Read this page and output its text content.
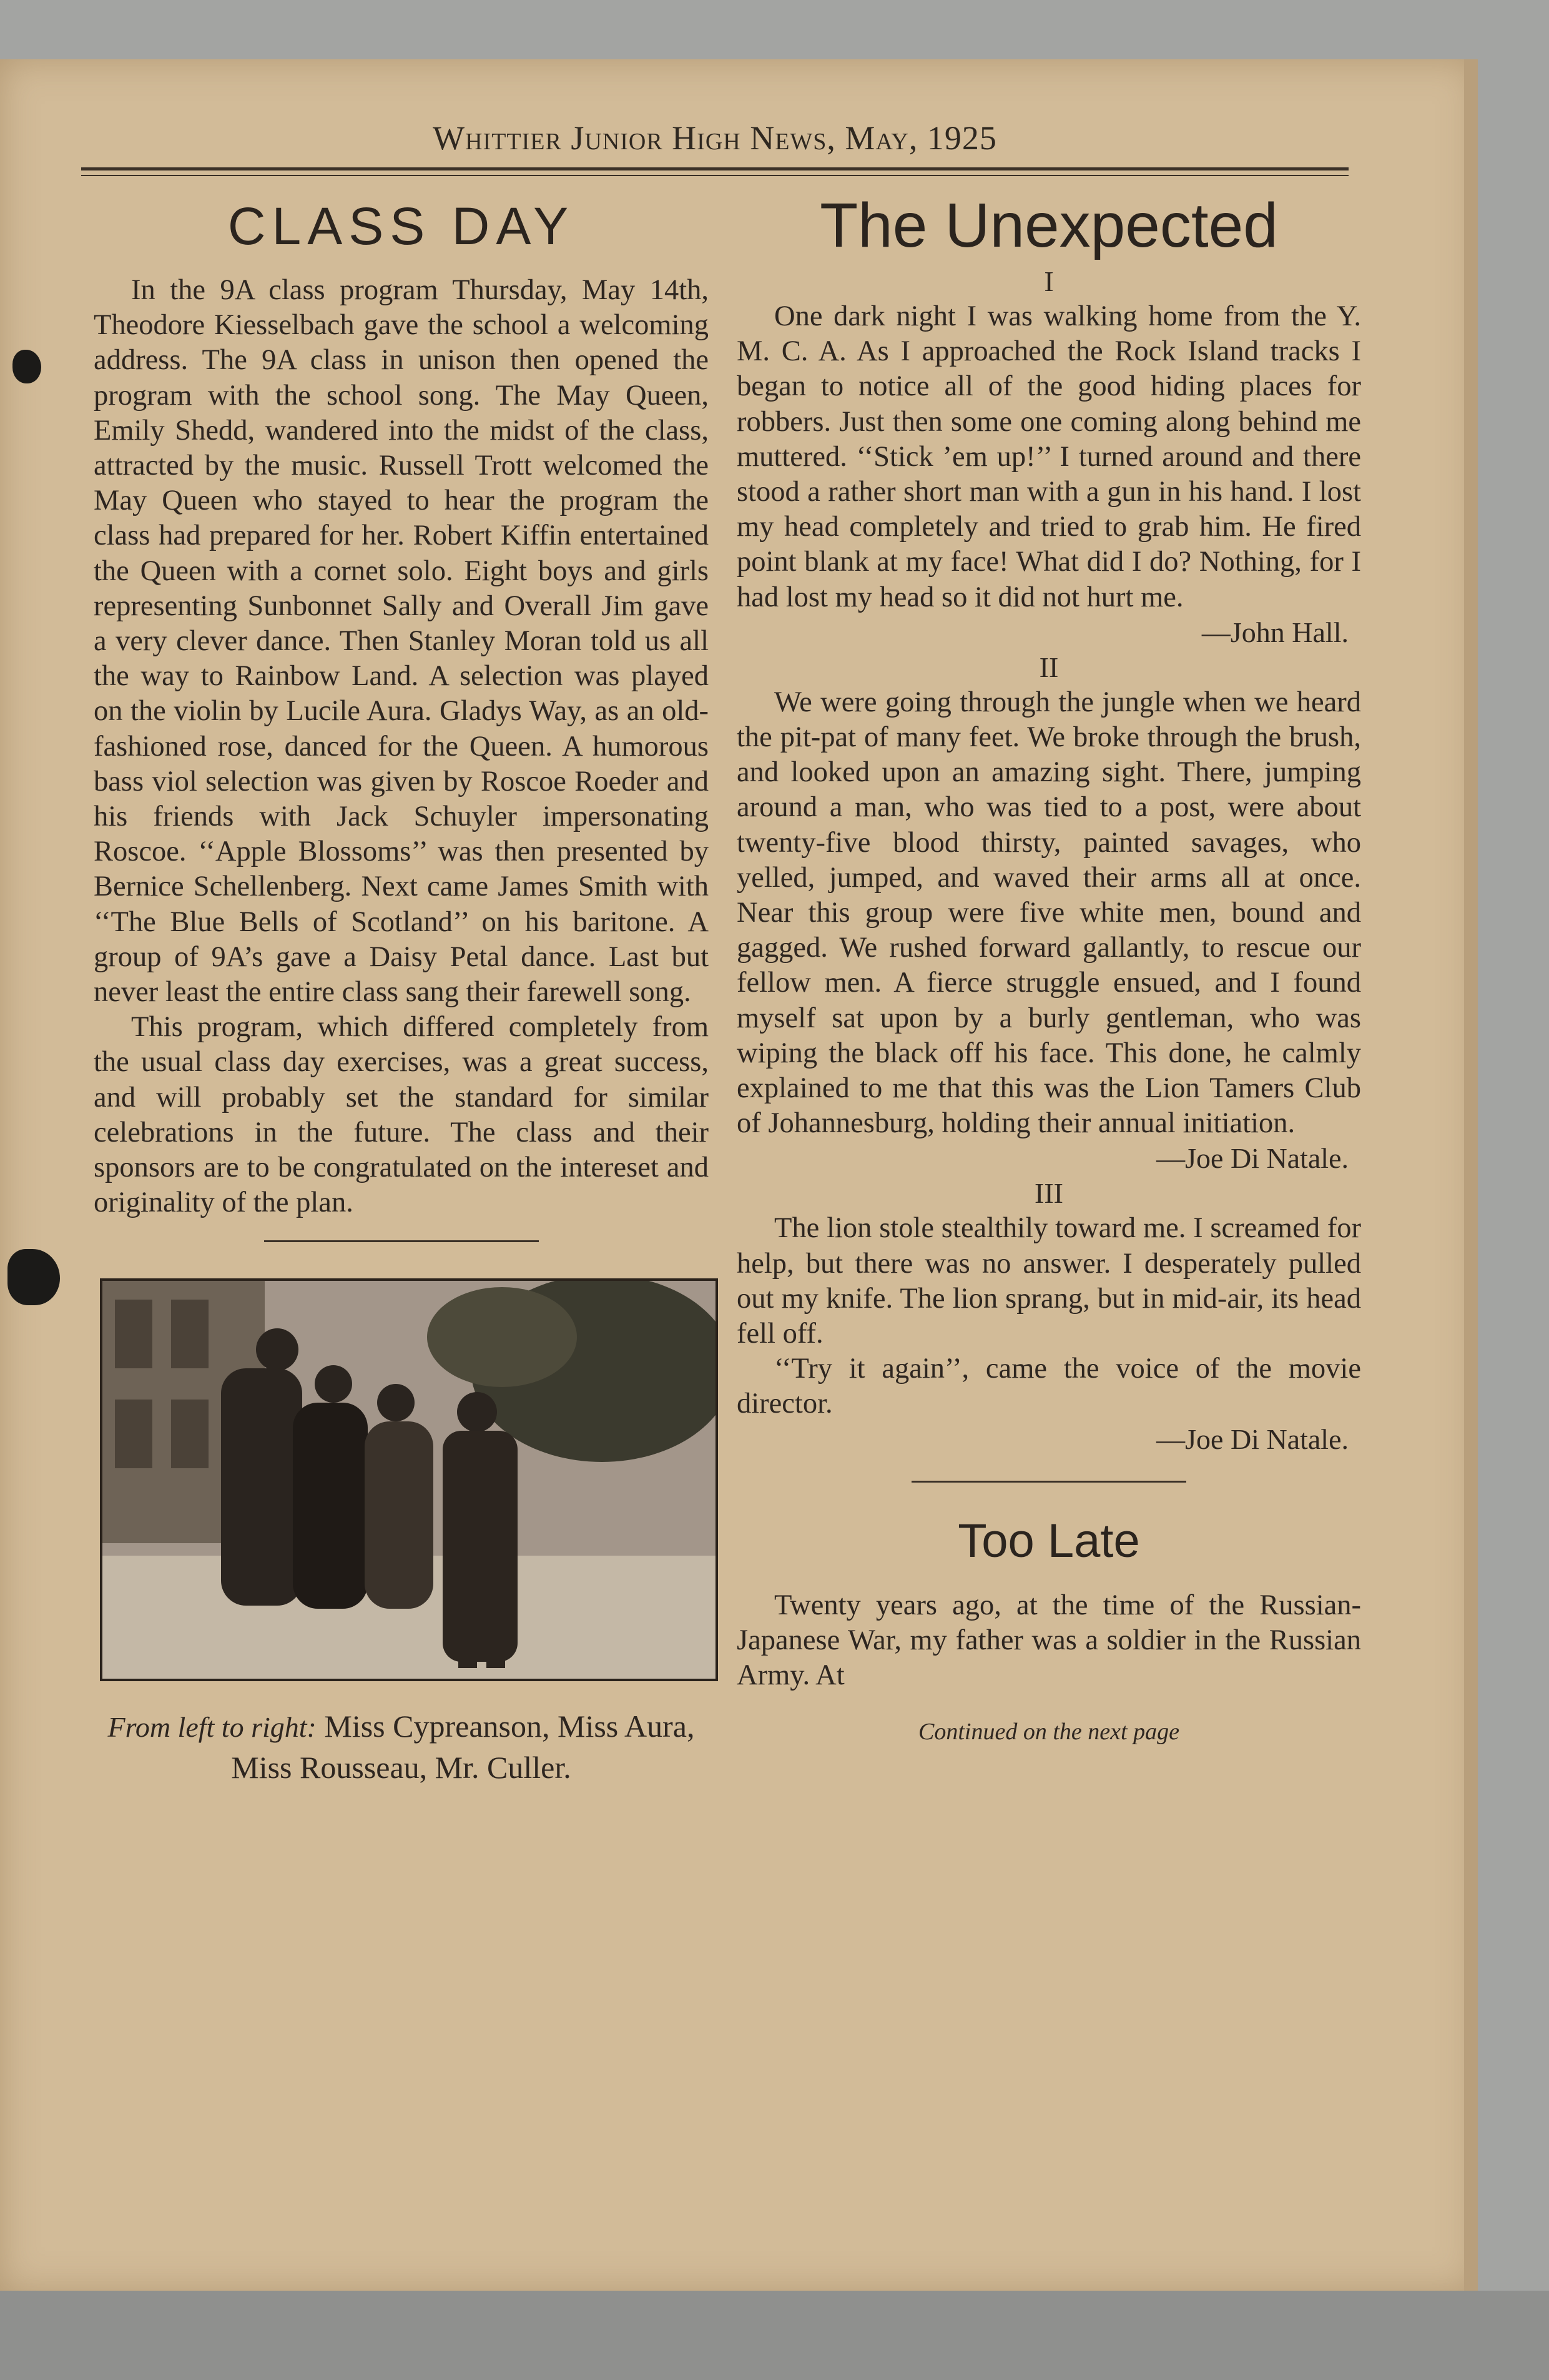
Whittier Junior High News, May, 1925
CLASS DAY

In the 9A class program Thursday, May 14th, Theodore Kiesselbach gave the school a welcoming address. The 9A class in unison then opened the program with the school song. The May Queen, Emily Shedd, wandered into the midst of the class, attracted by the music. Russell Trott welcomed the May Queen who stayed to hear the program the class had prepared for her. Robert Kiffin entertained the Queen with a cornet solo. Eight boys and girls representing Sunbonnet Sally and Overall Jim gave a very clever dance. Then Stanley Moran told us all the way to Rainbow Land. A selection was played on the violin by Lucile Aura. Gladys Way, as an old-fashioned rose, danced for the Queen. A humorous bass viol selection was given by Roscoe Roeder and his friends with Jack Schuyler impersonating Roscoe. ‘‘Apple Blossoms’’ was then presented by Bernice Schellenberg. Next came James Smith with ‘‘The Blue Bells of Scotland’’ on his baritone. A group of 9A’s gave a Daisy Petal dance. Last but never least the entire class sang their farewell song.

This program, which differed completely from the usual class day exercises, was a great success, and will probably set the standard for similar celebrations in the future. The class and their sponsors are to be congratulated on the intereset and originality of the plan.

From left to right: Miss Cypreanson, Miss Aura, Miss Rousseau, Mr. Culler.
The Unexpected
I

One dark night I was walking home from the Y. M. C. A. As I approached the Rock Island tracks I began to notice all of the good hiding places for robbers. Just then some one coming along behind me muttered. ‘‘Stick ’em up!’’ I turned around and there stood a rather short man with a gun in his hand. I lost my head completely and tried to grab him. He fired point blank at my face! What did I do? Nothing, for I had lost my head so it did not hurt me.

—John Hall.
II

We were going through the jungle when we heard the pit-pat of many feet. We broke through the brush, and looked upon an amazing sight. There, jumping around a man, who was tied to a post, were about twenty-five blood thirsty, painted savages, who yelled, jumped, and waved their arms all at once. Near this group were five white men, bound and gagged. We rushed forward gallantly, to rescue our fellow men. A fierce struggle ensued, and I found myself sat upon by a burly gentleman, who was wiping the black off his face. This done, he calmly explained to me that this was the Lion Tamers Club of Johannesburg, holding their annual initiation.

—Joe Di Natale.
III

The lion stole stealthily toward me. I screamed for help, but there was no answer. I desperately pulled out my knife. The lion sprang, but in mid-air, its head fell off.

‘‘Try it again’’, came the voice of the movie director.

—Joe Di Natale.
Too Late

Twenty years ago, at the time of the Russian-Japanese War, my father was a soldier in the Russian Army. At

Continued on the next page
